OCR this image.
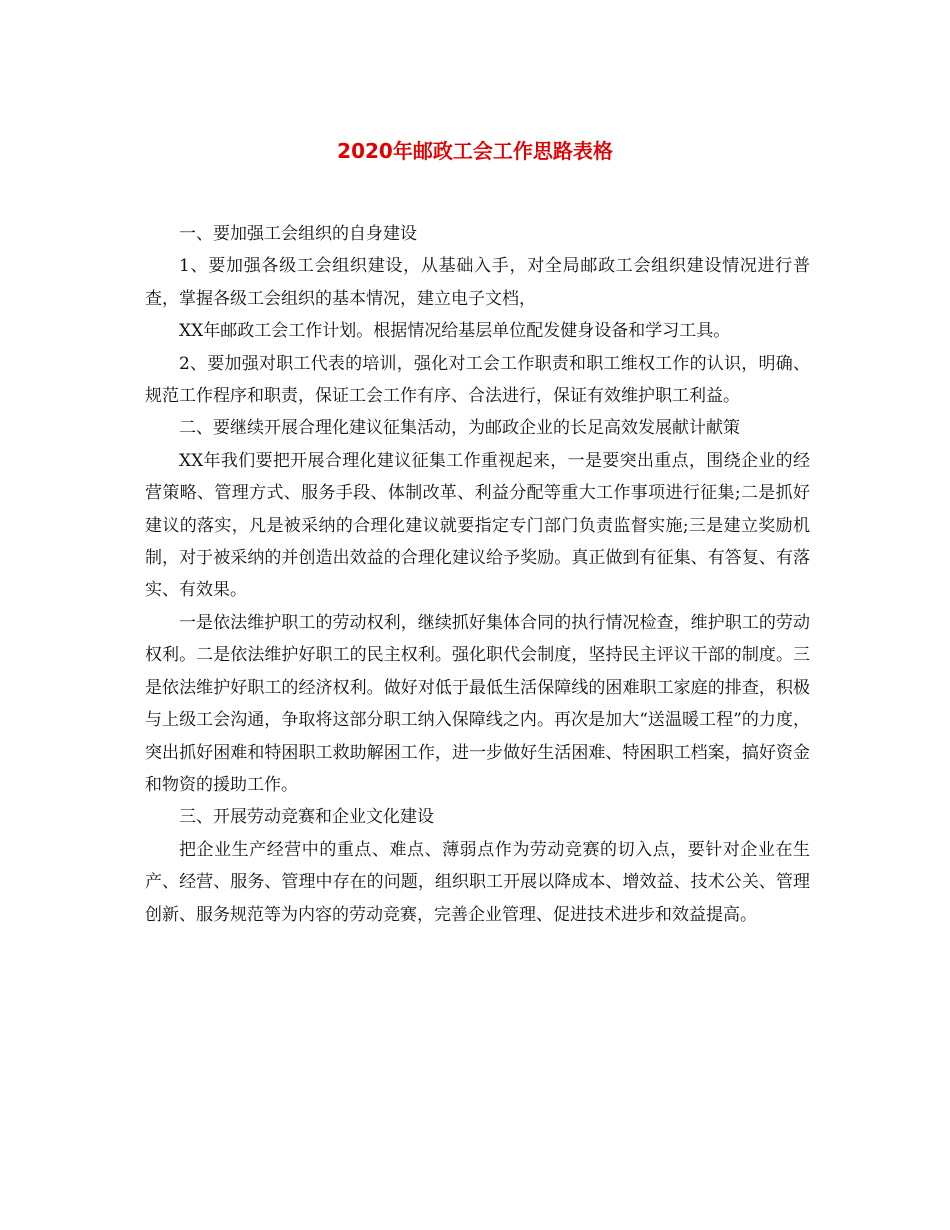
2020年邮政工会工作思路表格

一、要加强工会组织的自身建设

1、要加强各级工会组织建设，从基础入手，对全局邮政工会组织建设情况进行普查，掌握各级工会组织的基本情况，建立电子文档，

XX年邮政工会工作计划。根据情况给基层单位配发健身设备和学习工具。

2、要加强对职工代表的培训，强化对工会工作职责和职工维权工作的认识，明确、规范工作程序和职责，保证工会工作有序、合法进行，保证有效维护职工利益。

二、要继续开展合理化建议征集活动，为邮政企业的长足高效发展献计献策

XX年我们要把开展合理化建议征集工作重视起来，一是要突出重点，围绕企业的经营策略、管理方式、服务手段、体制改革、利益分配等重大工作事项进行征集;二是抓好建议的落实，凡是被采纳的合理化建议就要指定专门部门负责监督实施;三是建立奖励机制，对于被采纳的并创造出效益的合理化建议给予奖励。真正做到有征集、有答复、有落实、有效果。

一是依法维护职工的劳动权利，继续抓好集体合同的执行情况检查，维护职工的劳动权利。二是依法维护好职工的民主权利。强化职代会制度，坚持民主评议干部的制度。三是依法维护好职工的经济权利。做好对低于最低生活保障线的困难职工家庭的排查，积极与上级工会沟通，争取将这部分职工纳入保障线之内。再次是加大“送温暖工程”的力度，突出抓好困难和特困职工救助解困工作，进一步做好生活困难、特困职工档案，搞好资金和物资的援助工作。

三、开展劳动竞赛和企业文化建设

把企业生产经营中的重点、难点、薄弱点作为劳动竞赛的切入点，要针对企业在生产、经营、服务、管理中存在的问题，组织职工开展以降成本、增效益、技术公关、管理创新、服务规范等为内容的劳动竞赛，完善企业管理、促进技术进步和效益提高。
